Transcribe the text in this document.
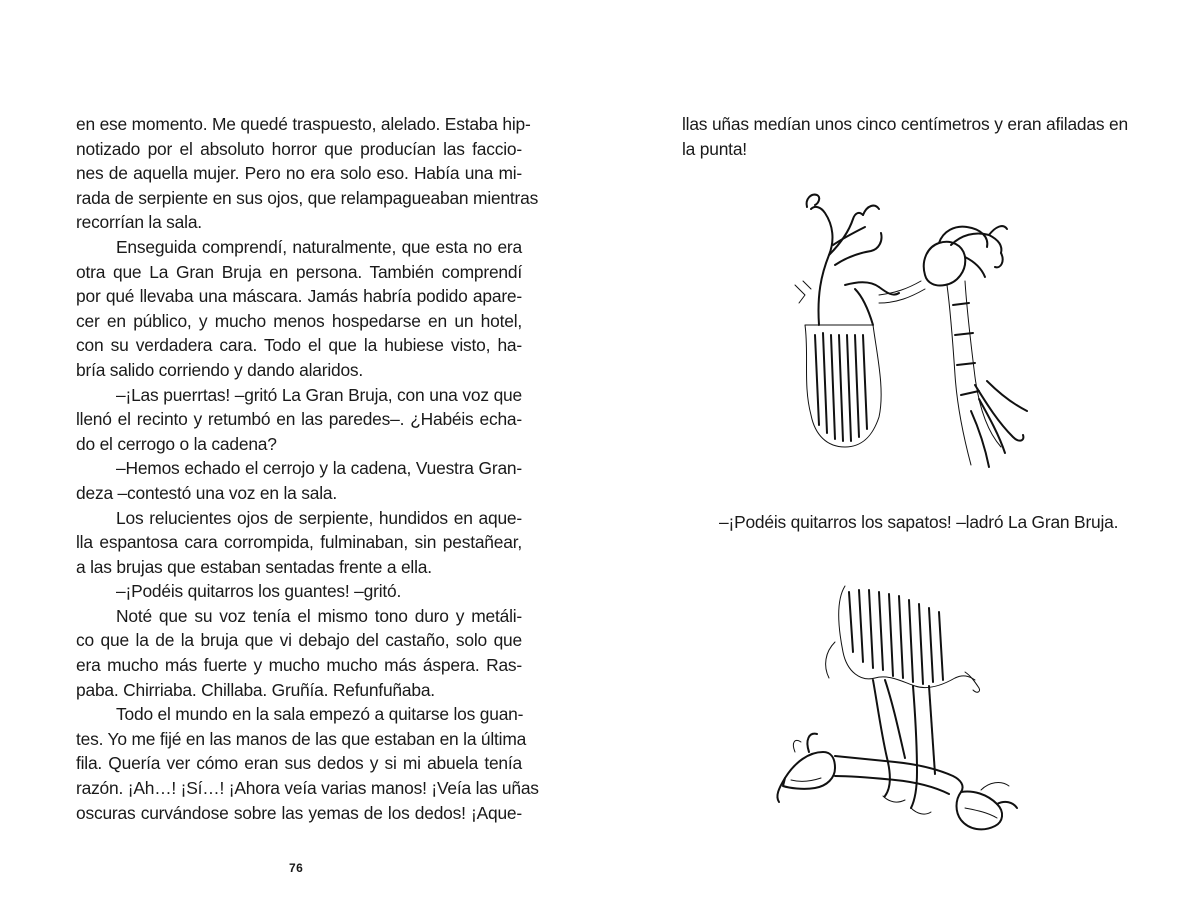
en ese momento. Me quedé traspuesto, alelado. Estaba hip-
notizado por el absoluto horror que producían las faccio-
nes de aquella mujer. Pero no era solo eso. Había una mi-
rada de serpiente en sus ojos, que relampagueaban mientras
recorrían la sala.
Enseguida comprendí, naturalmente, que esta no era
otra que La Gran Bruja en persona. También comprendí
por qué llevaba una máscara. Jamás habría podido apare-
cer en público, y mucho menos hospedarse en un hotel,
con su verdadera cara. Todo el que la hubiese visto, ha-
bría salido corriendo y dando alaridos.
–¡Las puerrtas! –gritó La Gran Bruja, con una voz que
llenó el recinto y retumbó en las paredes–. ¿Habéis echa-
do el cerrogo o la cadena?
–Hemos echado el cerrojo y la cadena, Vuestra Gran-
deza –contestó una voz en la sala.
Los relucientes ojos de serpiente, hundidos en aque-
lla espantosa cara corrompida, fulminaban, sin pestañear,
a las brujas que estaban sentadas frente a ella.
–¡Podéis quitarros los guantes! –gritó.
Noté que su voz tenía el mismo tono duro y metáli-
co que la de la bruja que vi debajo del castaño, solo que
era mucho más fuerte y mucho mucho más áspera. Ras-
paba. Chirriaba. Chillaba. Gruñía. Refunfuñaba.
Todo el mundo en la sala empezó a quitarse los guan-
tes. Yo me fijé en las manos de las que estaban en la última
fila. Quería ver cómo eran sus dedos y si mi abuela tenía
razón. ¡Ah…! ¡Sí…! ¡Ahora veía varias manos! ¡Veía las uñas
oscuras curvándose sobre las yemas de los dedos! ¡Aque-
76
llas uñas medían unos cinco centímetros y eran afiladas en
la punta!
–¡Podéis quitarros los sapatos! –ladró La Gran Bruja.
